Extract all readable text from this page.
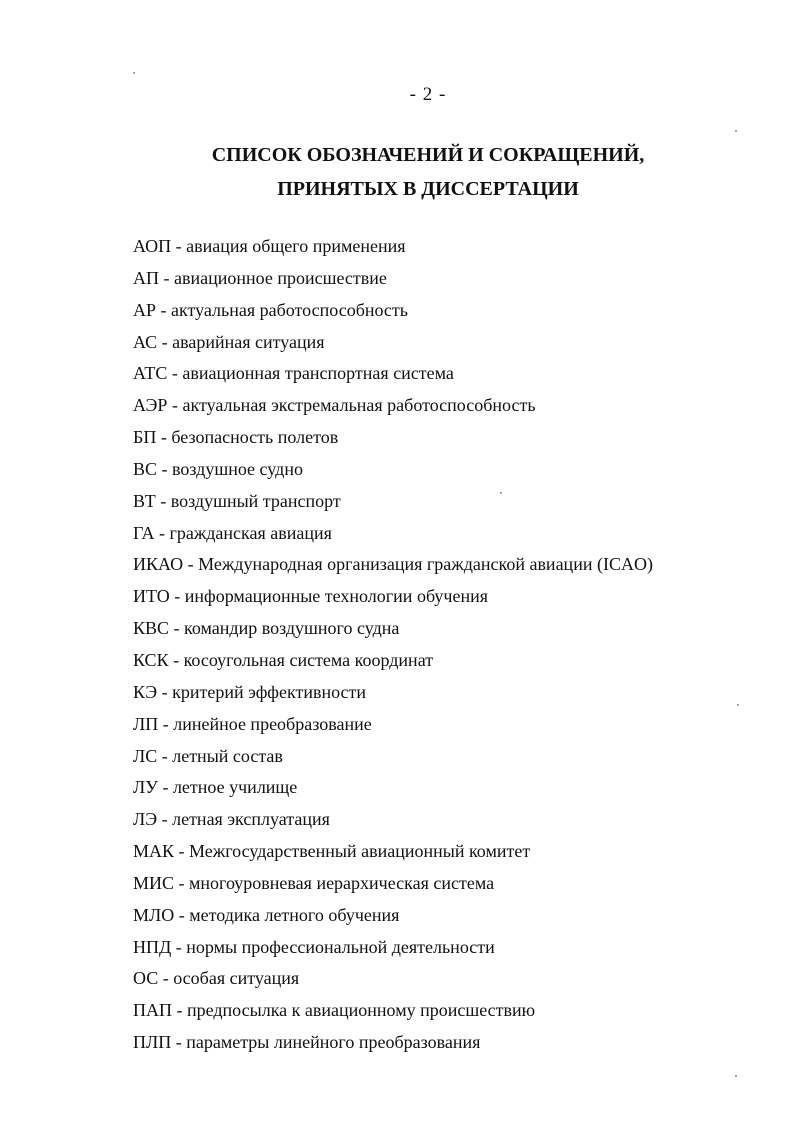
- 2 -
СПИСОК ОБОЗНАЧЕНИЙ И СОКРАЩЕНИЙ,
ПРИНЯТЫХ В ДИССЕРТАЦИИ
АОП - авиация общего применения
АП - авиационное происшествие
АР - актуальная работоспособность
АС - аварийная ситуация
АТС - авиационная транспортная система
АЭР - актуальная экстремальная работоспособность
БП - безопасность полетов
ВС - воздушное судно
ВТ - воздушный транспорт
ГА - гражданская авиация
ИКАО - Международная организация гражданской авиации (ICAO)
ИТО - информационные технологии обучения
КВС - командир воздушного судна
КСК - косоугольная система координат
КЭ - критерий эффективности
ЛП - линейное преобразование
ЛС - летный состав
ЛУ - летное училище
ЛЭ - летная эксплуатация
МАК - Межгосударственный авиационный комитет
МИС - многоуровневая иерархическая система
МЛО - методика летного обучения
НПД - нормы профессиональной деятельности
ОС - особая ситуация
ПАП - предпосылка к авиационному происшествию
ПЛП - параметры линейного преобразования
